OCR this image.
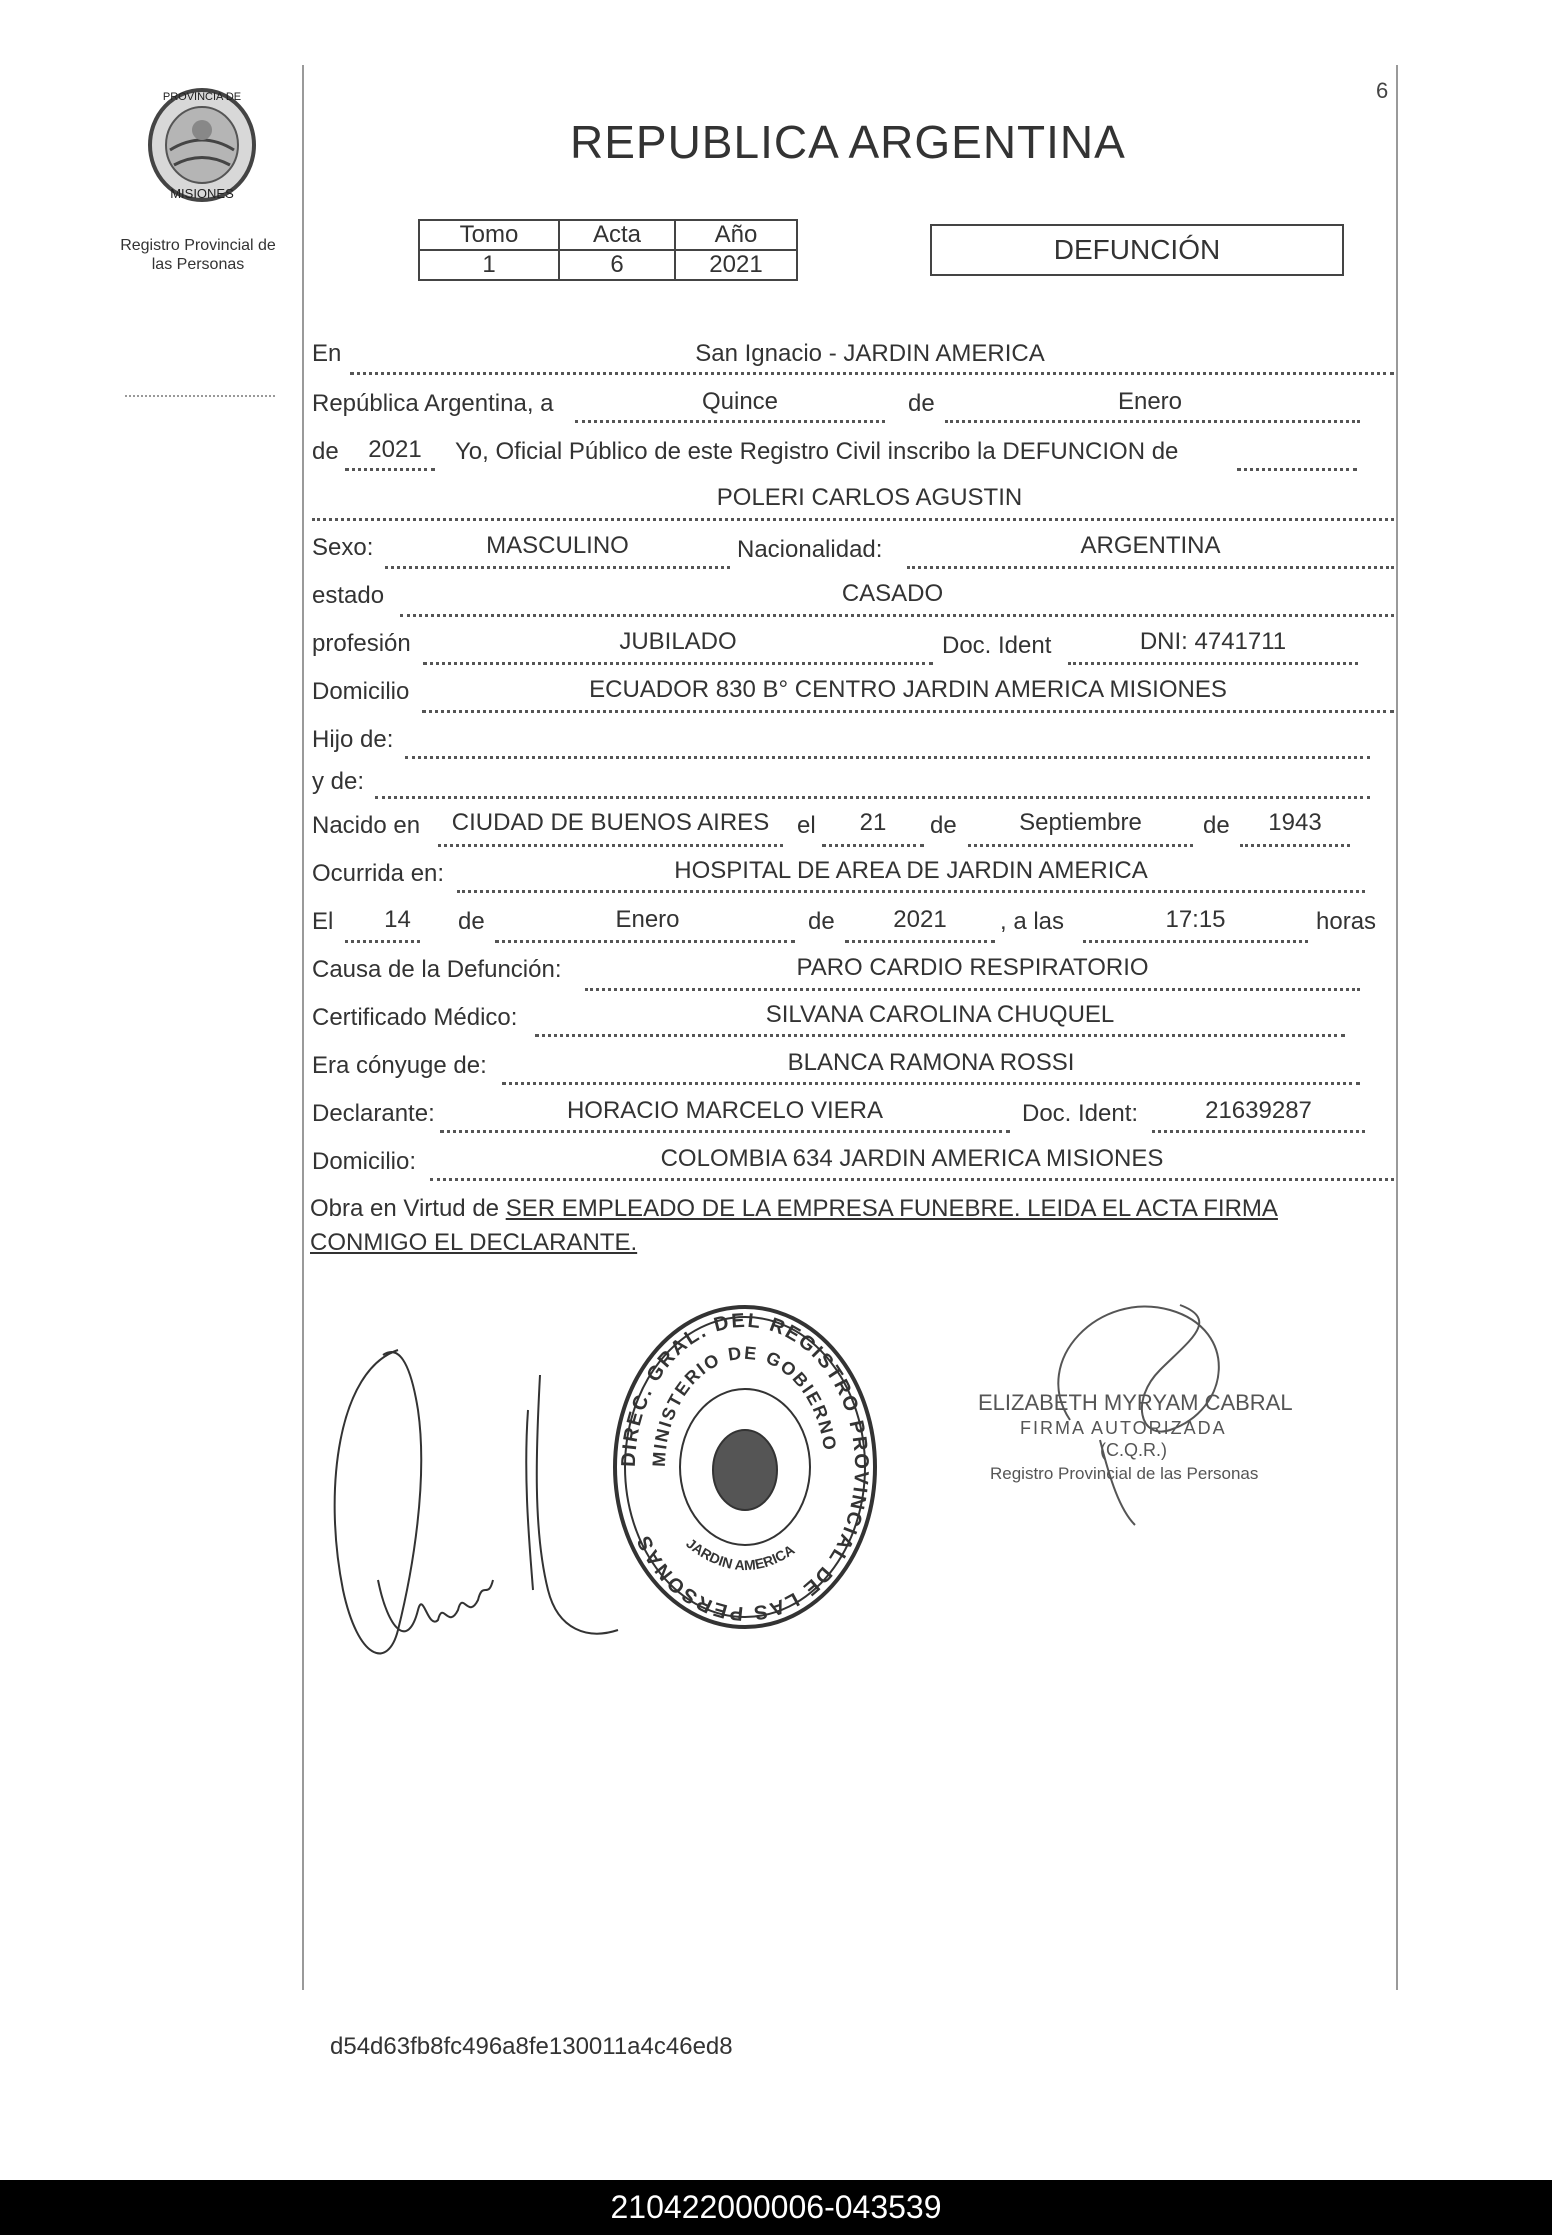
6
PROVINCIA DE
MISIONES
Registro Provincial de
las Personas
REPUBLICA ARGENTINA
Tomo	Acta	Año
1	6	2021	DEFUNCIÓN
En	San Ignacio - JARDIN AMERICA
República Argentina, a	Quince	de	Enero
de	2021	Yo, Oficial Público de este Registro Civil inscribo la DEFUNCION de
POLERI CARLOS AGUSTIN
Sexo:	MASCULINO	Nacionalidad:	ARGENTINA
estado	CASADO
profesión	JUBILADO	Doc. Ident	DNI: 4741711
Domicilio	ECUADOR 830 B° CENTRO JARDIN AMERICA MISIONES
Hijo de:
y de:
Nacido en	CIUDAD DE BUENOS AIRES	el	21	de	Septiembre	de	1943
Ocurrida en:	HOSPITAL DE AREA DE JARDIN AMERICA
El	14	de	Enero	de	2021	, a las	17:15	horas
Causa de la Defunción:	PARO CARDIO RESPIRATORIO
Certificado Médico:	SILVANA CAROLINA CHUQUEL
Era cónyuge de:	BLANCA RAMONA ROSSI
Declarante:	HORACIO MARCELO VIERA	Doc. Ident:	21639287
Domicilio:	COLOMBIA 634 JARDIN AMERICA MISIONES
Obra en Virtud de SER EMPLEADO DE LA EMPRESA FUNEBRE. LEIDA EL ACTA FIRMA CONMIGO EL DECLARANTE.
DIREC. GRAL. DEL REGISTRO PROVINCIAL DE LAS PERSONAS
MINISTERIO DE GOBIERNO
JARDIN AMERICA
ELIZABETH MYRYAM CABRAL
FIRMA AUTORIZADA
(C.Q.R.)
Registro Provincial de las Personas
d54d63fb8fc496a8fe130011a4c46ed8
210422000006-043539
